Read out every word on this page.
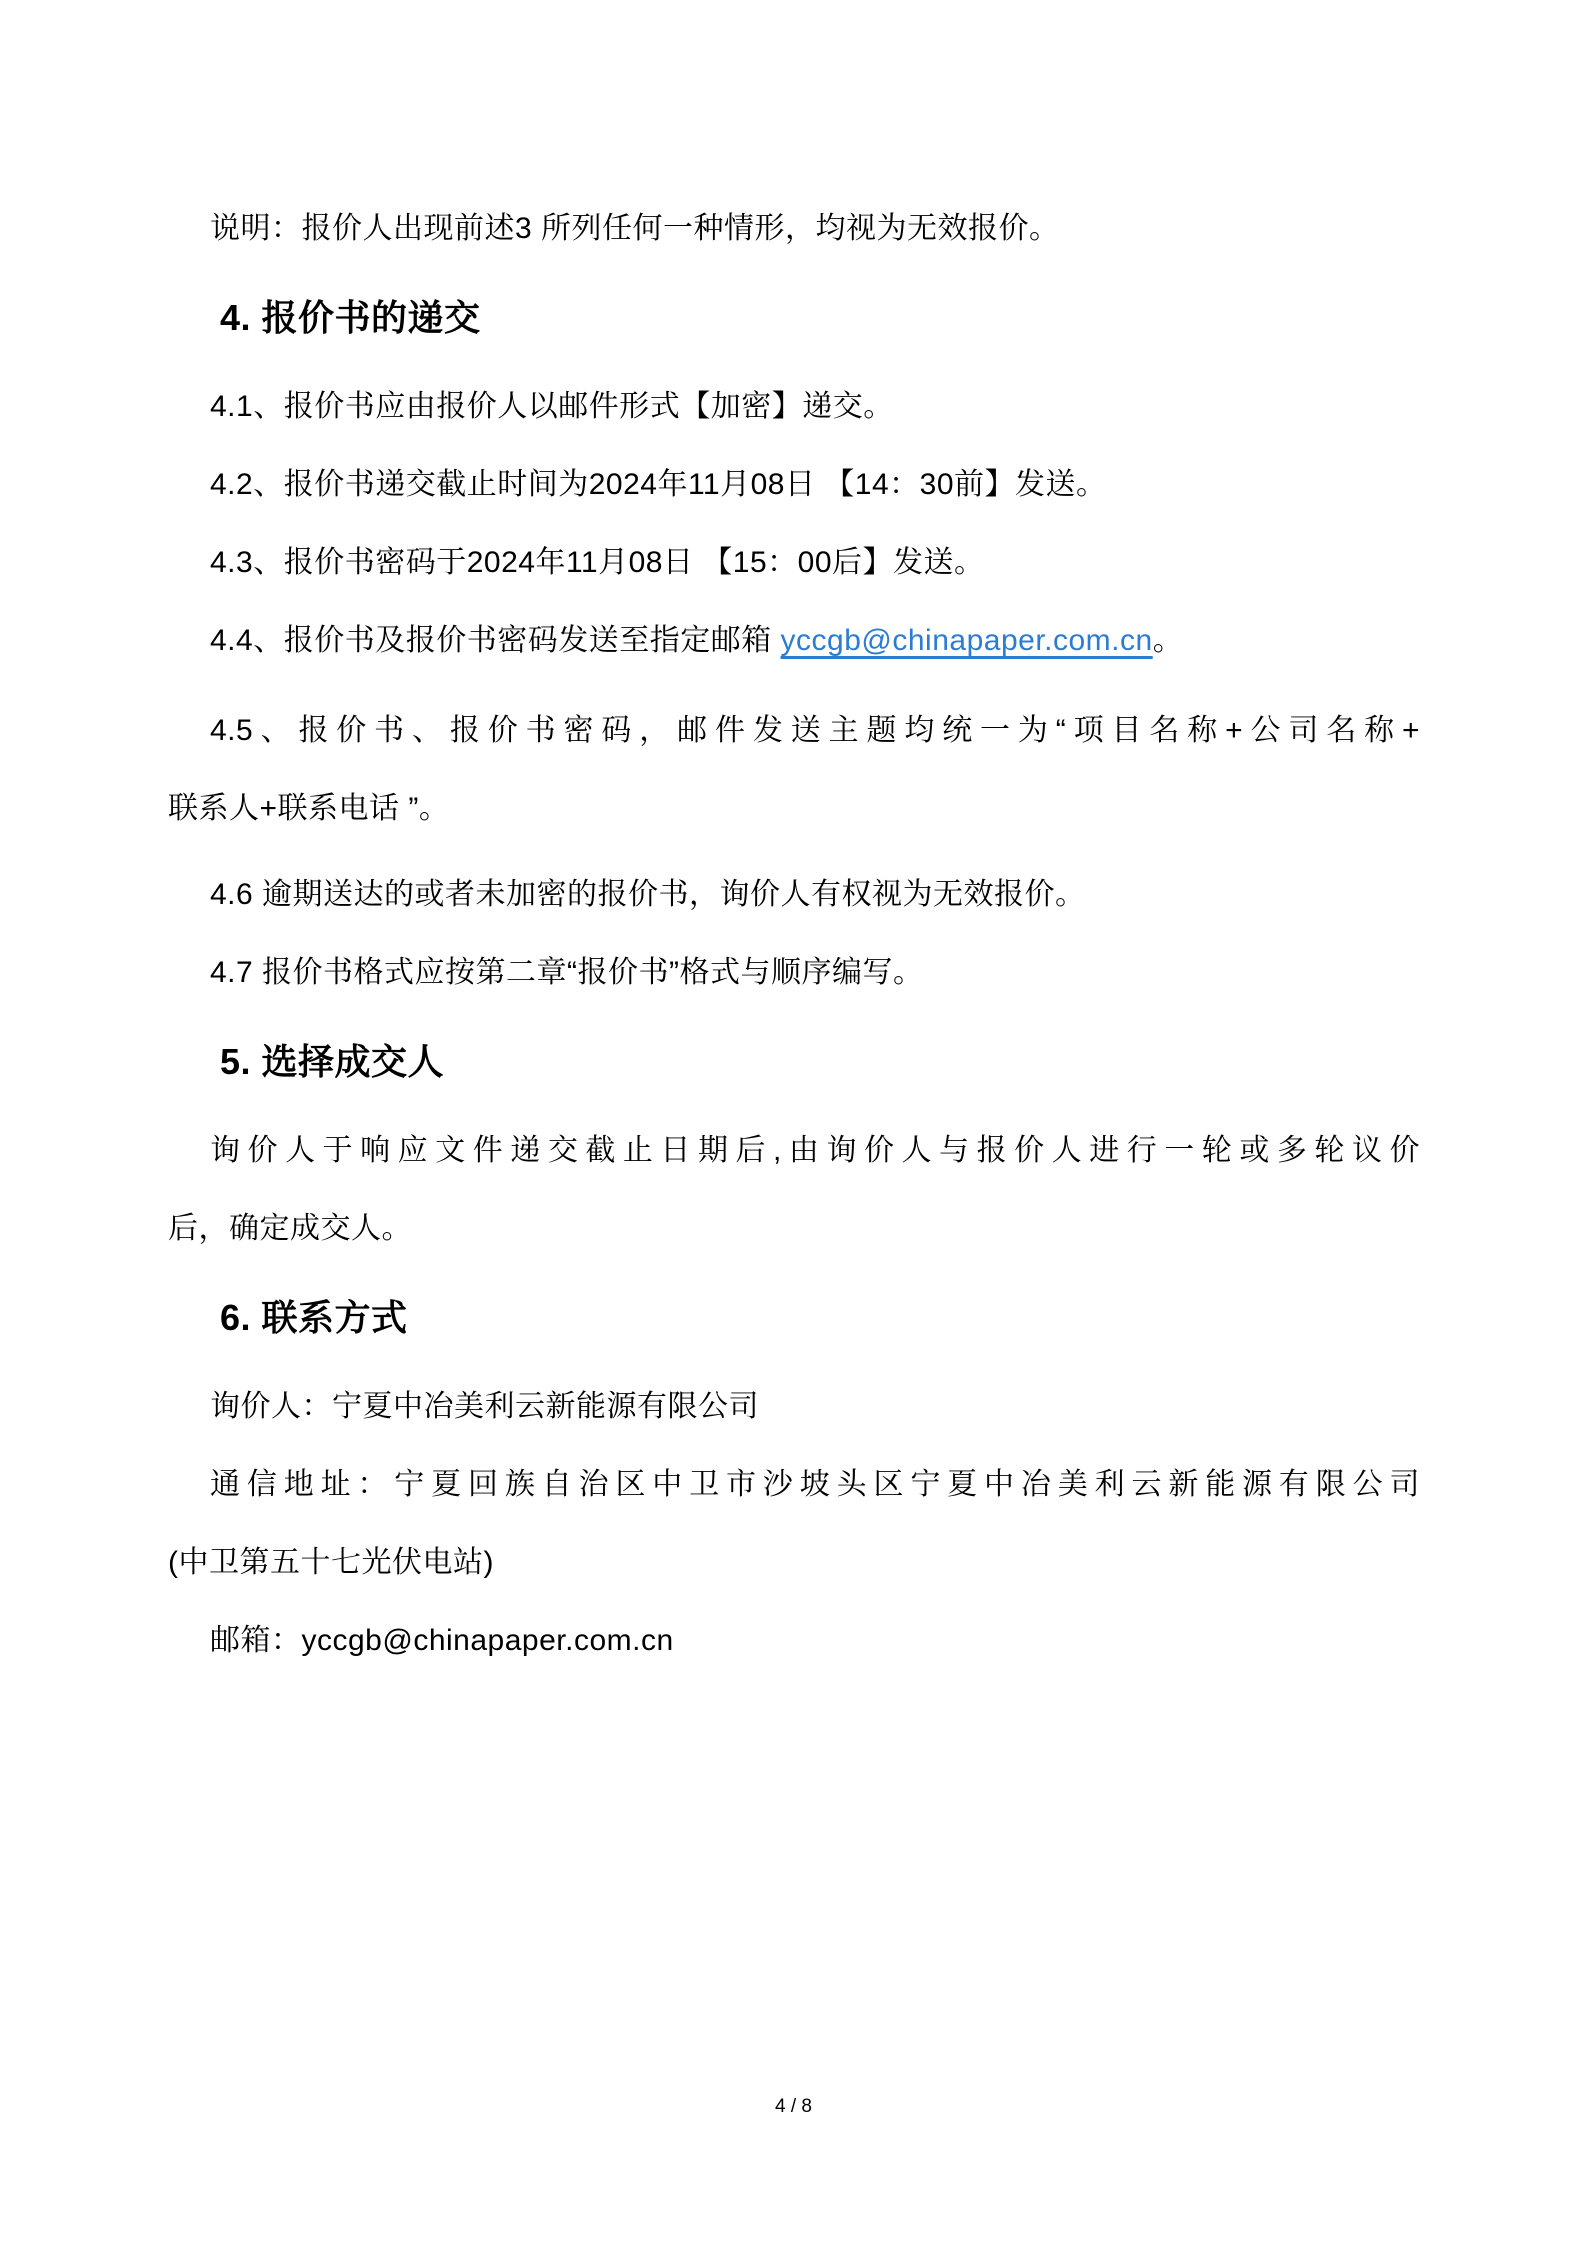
说明：报价人出现前述3 所列任何一种情形，均视为无效报价。
4. 报价书的递交
4.1、报价书应由报价人以邮件形式【加密】递交。
4.2、报价书递交截止时间为2024年11月08日 【14：30前】发送。
4.3、报价书密码于2024年11月08日 【15：00后】发送。
4.4、报价书及报价书密码发送至指定邮箱 yccgb@chinapaper.com.cn。
4.5、报价书、报价书密码，邮件发送主题均统一为“项目名称+公司名称+
联系人+联系电话 ”。
4.6 逾期送达的或者未加密的报价书，询价人有权视为无效报价。
4.7 报价书格式应按第二章“报价书”格式与顺序编写。
5. 选择成交人
询价人于响应文件递交截止日期后,由询价人与报价人进行一轮或多轮议价
后，确定成交人。
6. 联系方式
询价人：宁夏中冶美利云新能源有限公司
通信地址：宁夏回族自治区中卫市沙坡头区宁夏中冶美利云新能源有限公司
(中卫第五十七光伏电站)
邮箱：yccgb@chinapaper.com.cn
4 / 8
